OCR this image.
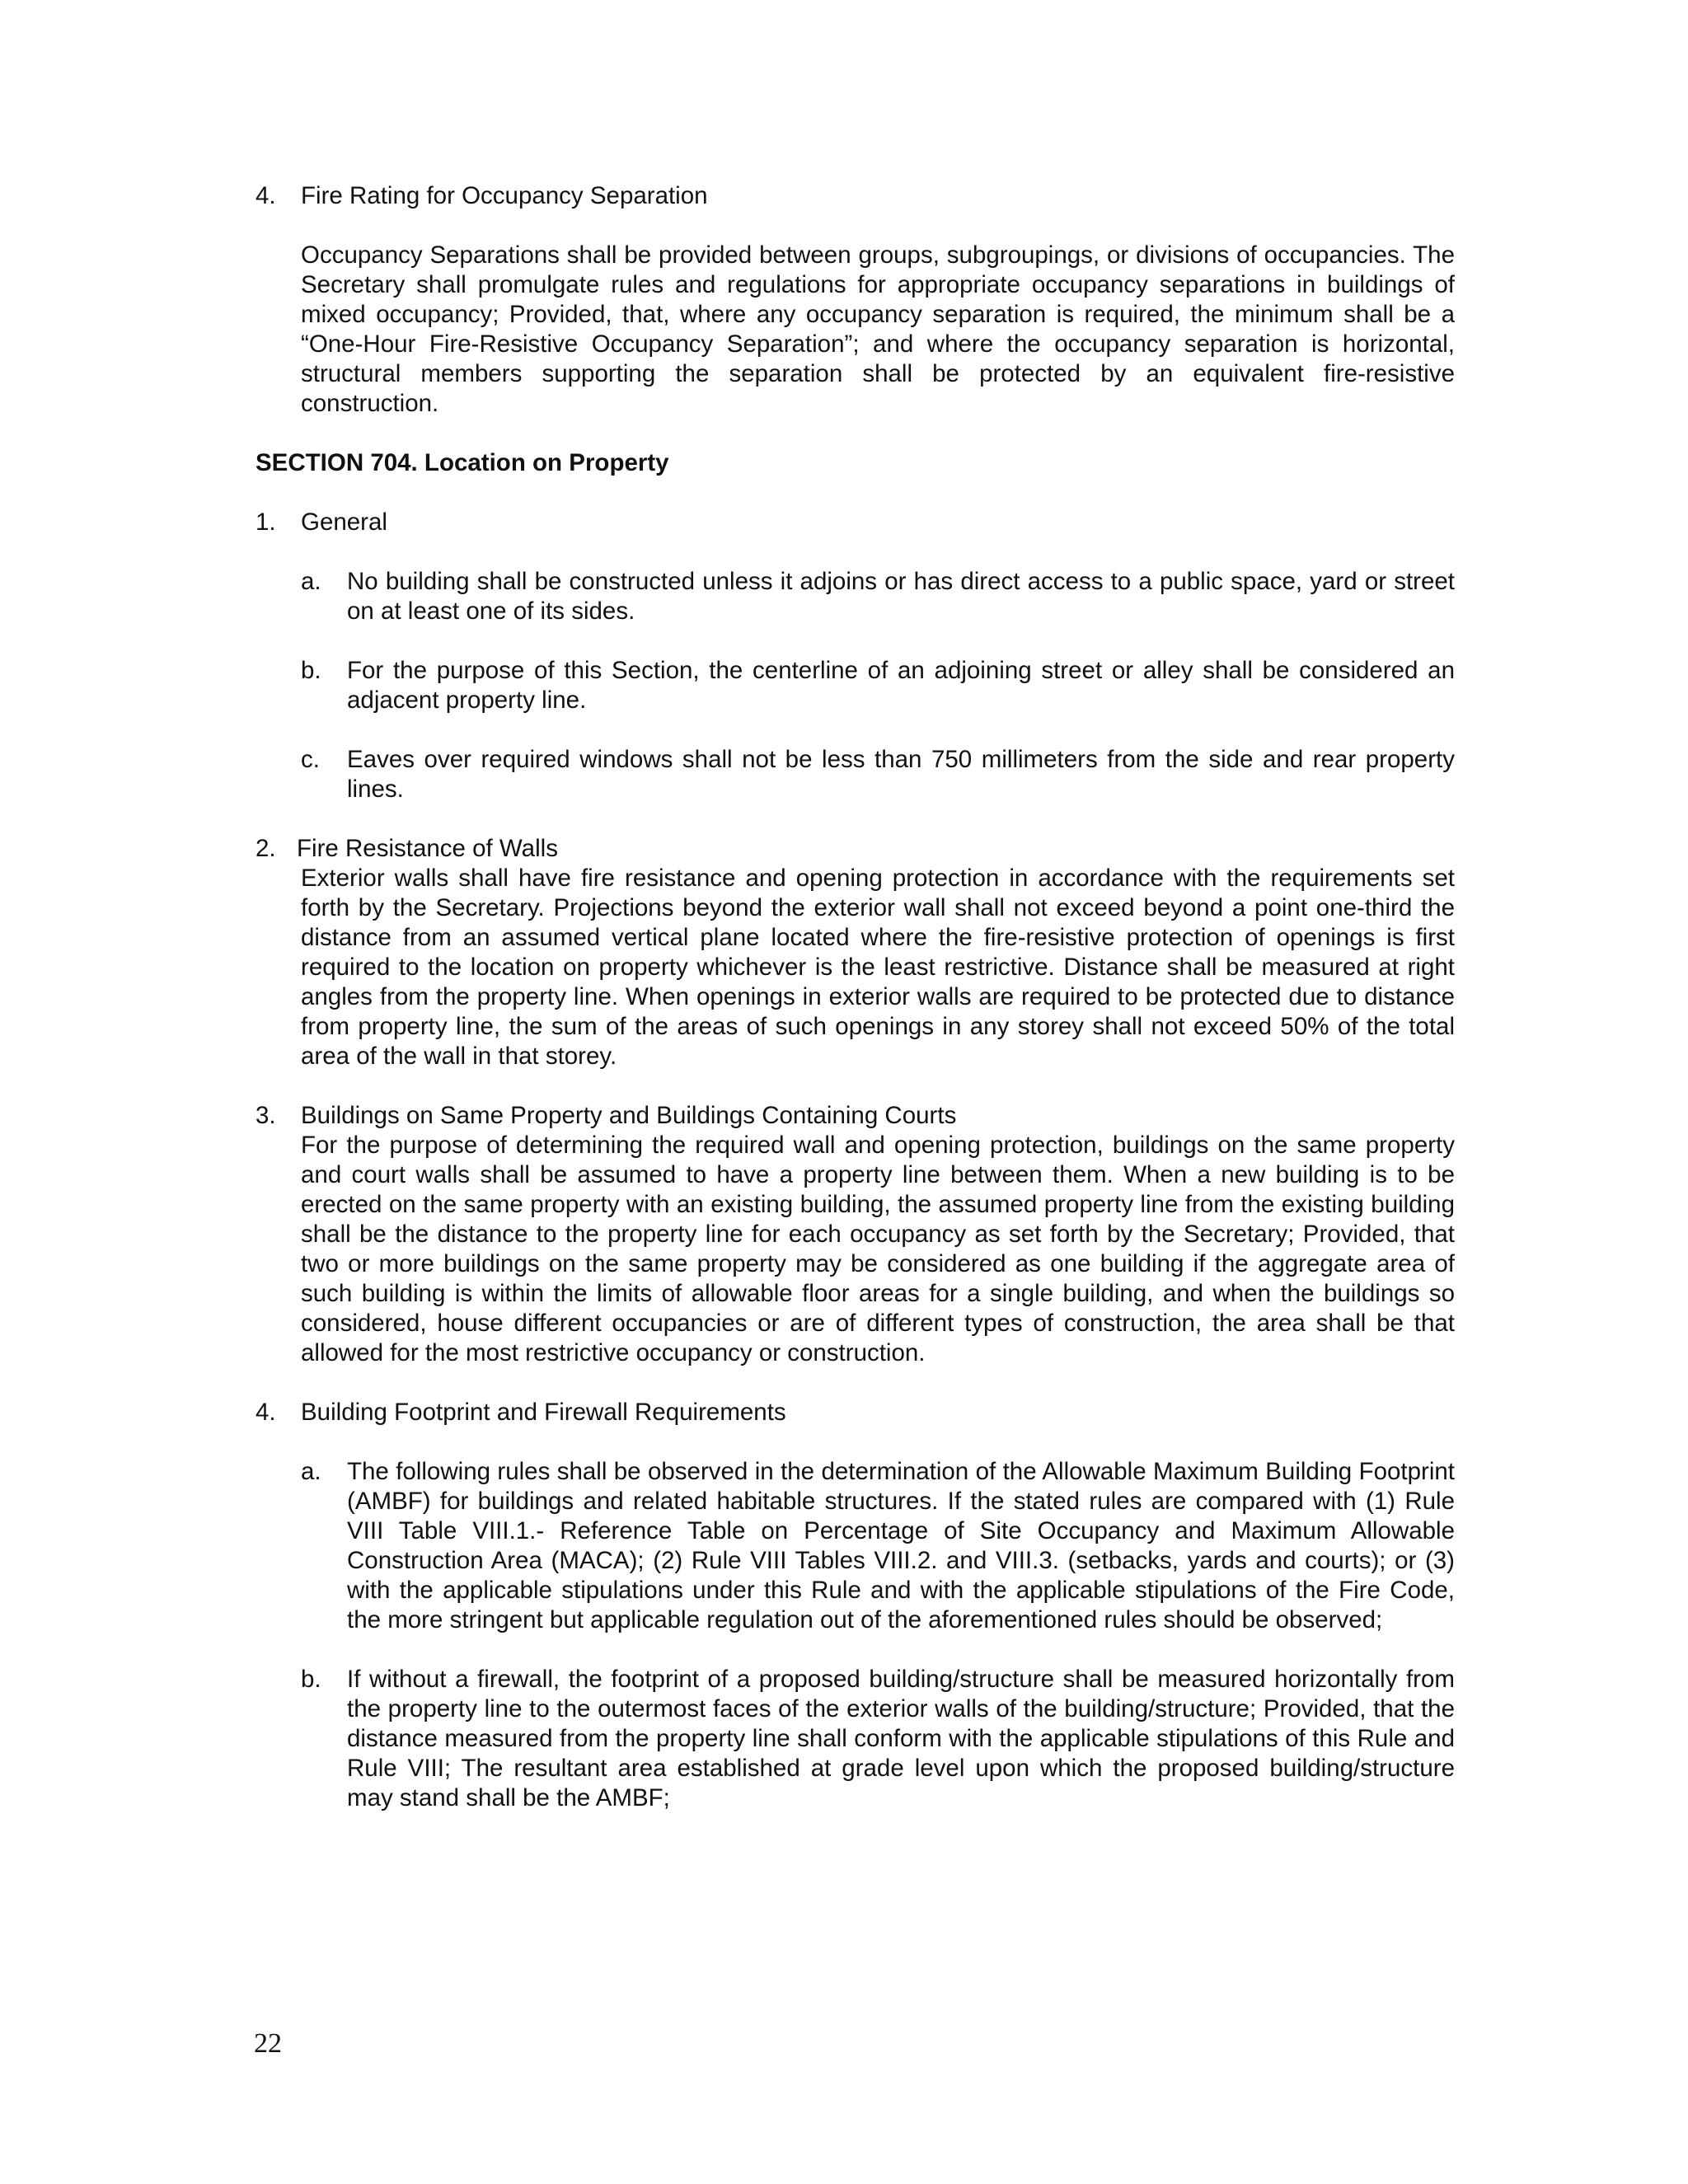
4.	Fire Rating for Occupancy Separation
Occupancy Separations shall be provided between groups, subgroupings, or divisions of occupancies. The Secretary shall promulgate rules and regulations for appropriate occupancy separations in buildings of mixed occupancy; Provided, that, where any occupancy separation is required, the minimum shall be a “One-Hour Fire-Resistive Occupancy Separation”; and where the occupancy separation is horizontal, structural members supporting the separation shall be protected by an equivalent fire-resistive construction.
SECTION 704. Location on Property
1.	General
a.	No building shall be constructed unless it adjoins or has direct access to a public space, yard or street on at least one of its sides.
b.	For the purpose of this Section, the centerline of an adjoining street or alley shall be considered an adjacent property line.
c.	Eaves over required windows shall not be less than 750 millimeters from the side and rear property lines.
2. Fire Resistance of Walls
Exterior walls shall have fire resistance and opening protection in accordance with the requirements set forth by the Secretary. Projections beyond the exterior wall shall not exceed beyond a point one-third the distance from an assumed vertical plane located where the fire-resistive protection of openings is first required to the location on property whichever is the least restrictive. Distance shall be measured at right angles from the property line. When openings in exterior walls are required to be protected due to distance from property line, the sum of the areas of such openings in any storey shall not exceed 50% of the total area of the wall in that storey.
3.	Buildings on Same Property and Buildings Containing Courts
For the purpose of determining the required wall and opening protection, buildings on the same property and court walls shall be assumed to have a property line between them. When a new building is to be erected on the same property with an existing building, the assumed property line from the existing building shall be the distance to the property line for each occupancy as set forth by the Secretary; Provided, that two or more buildings on the same property may be considered as one building if the aggregate area of such building is within the limits of allowable floor areas for a single building, and when the buildings so considered, house different occupancies or are of different types of construction, the area shall be that allowed for the most restrictive occupancy or construction.
4.	Building Footprint and Firewall Requirements
a.	The following rules shall be observed in the determination of the Allowable Maximum Building Footprint (AMBF) for buildings and related habitable structures. If the stated rules are compared with (1) Rule VIII Table VIII.1.- Reference Table on Percentage of Site Occupancy and Maximum Allowable Construction Area (MACA); (2) Rule VIII Tables VIII.2. and VIII.3. (setbacks, yards and courts); or (3) with the applicable stipulations under this Rule and with the applicable stipulations of the Fire Code, the more stringent but applicable regulation out of the aforementioned rules should be observed;
b.	If without a firewall, the footprint of a proposed building/structure shall be measured horizontally from the property line to the outermost faces of the exterior walls of the building/structure; Provided, that the distance measured from the property line shall conform with the applicable stipulations of this Rule and Rule VIII; The resultant area established at grade level upon which the proposed building/structure may stand shall be the AMBF;
22
